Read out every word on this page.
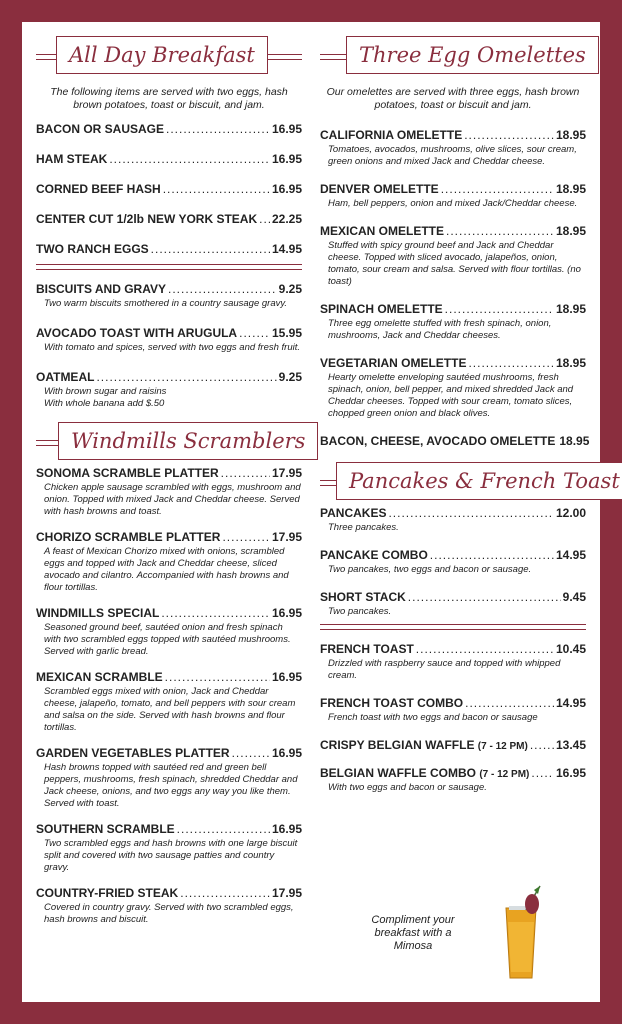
All Day Breakfast
The following items are served with two eggs, hash brown potatoes, toast or biscuit, and jam.
BACON OR SAUSAGE .....	16.95
HAM STEAK .....	16.95
CORNED BEEF HASH .....	16.95
CENTER CUT 1/2lb NEW YORK STEAK ..... 22.25
TWO RANCH EGGS .....	14.95
BISCUITS AND GRAVY .....	9.25
Two warm biscuits smothered in a country sausage gravy.
AVOCADO TOAST WITH ARUGULA .....	15.95
With tomato and spices, served with two eggs and fresh fruit.
OATMEAL .....	9.25
With brown sugar and raisins
With whole banana add $.50
Windmills Scramblers
SONOMA SCRAMBLE PLATTER .....	17.95
Chicken apple sausage scrambled with eggs, mushroom and onion. Topped with mixed Jack and Cheddar cheese. Served with hash browns and toast.
CHORIZO SCRAMBLE PLATTER .....	17.95
A feast of Mexican Chorizo mixed with onions, scrambled eggs and topped with Jack and Cheddar cheese, sliced avocado and cilantro. Accompanied with hash browns and flour tortillas.
WINDMILLS SPECIAL .....	16.95
Seasoned ground beef, sautéed onion and fresh spinach with two scrambled eggs topped with sautéed mushrooms. Served with garlic bread.
MEXICAN SCRAMBLE .....	16.95
Scrambled eggs mixed with onion, Jack and Cheddar cheese, jalapeño, tomato, and bell peppers with sour cream and salsa on the side. Served with hash browns and flour tortillas.
GARDEN VEGETABLES PLATTER .....	16.95
Hash browns topped with sautéed red and green bell peppers, mushrooms, fresh spinach, shredded Cheddar and Jack cheese, onions, and two eggs any way you like them. Served with toast.
SOUTHERN SCRAMBLE .....	16.95
Two scrambled eggs and hash browns with one large biscuit split and covered with two sausage patties and country gravy.
COUNTRY-FRIED STEAK .....	17.95
Covered in country gravy. Served with two scrambled eggs, hash browns and biscuit.
Three Egg Omelettes
Our omelettes are served with three eggs, hash brown potatoes, toast or biscuit and jam.
CALIFORNIA OMELETTE .....	18.95
Tomatoes, avocados, mushrooms, olive slices, sour cream, green onions and mixed Jack and Cheddar cheese.
DENVER OMELETTE .....	18.95
Ham, bell peppers, onion and mixed Jack/Cheddar cheese.
MEXICAN OMELETTE .....	18.95
Stuffed with spicy ground beef and Jack and Cheddar cheese. Topped with sliced avocado, jalapeños, onion, tomato, sour cream and salsa. Served with flour tortillas. (no toast)
SPINACH OMELETTE .....	18.95
Three egg omelette stuffed with fresh spinach, onion, mushrooms, Jack and Cheddar cheeses.
VEGETARIAN OMELETTE .....	18.95
Hearty omelette enveloping sautéed mushrooms, fresh spinach, onion, bell pepper, and mixed shredded Jack and Cheddar cheeses. Topped with sour cream, tomato slices, chopped green onion and black olives.
BACON, CHEESE, AVOCADO OMELETTE 18.95
Pancakes & French Toast
PANCAKES .....	12.00
Three pancakes.
PANCAKE COMBO .....	14.95
Two pancakes, two eggs and bacon or sausage.
SHORT STACK .....	9.45
Two pancakes.
FRENCH TOAST .....	10.45
Drizzled with raspberry sauce and topped with whipped cream.
FRENCH TOAST COMBO .....	14.95
French toast with two eggs and bacon or sausage
CRISPY BELGIAN WAFFLE (7 - 12 PM) ..... 13.45
BELGIAN WAFFLE COMBO (7 - 12 PM) ..... 16.95
With two eggs and bacon or sausage.
Compliment your breakfast with a Mimosa
